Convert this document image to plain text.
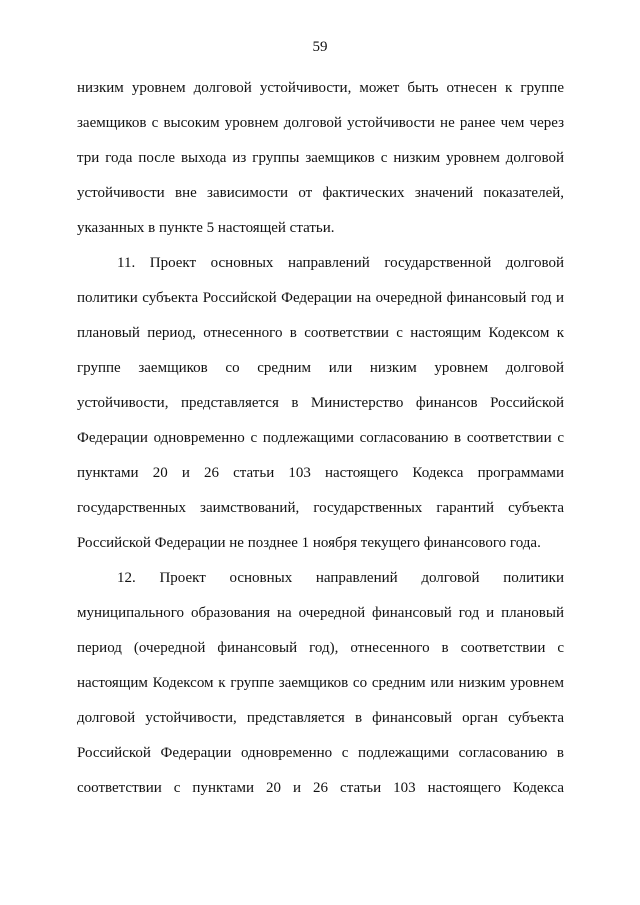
59
низким уровнем долговой устойчивости, может быть отнесен к группе
заемщиков с высоким уровнем долговой устойчивости не ранее чем через
три года после выхода из группы заемщиков с низким уровнем долговой
устойчивости вне зависимости от фактических значений показателей,
указанных в пункте 5 настоящей статьи.
11. Проект основных направлений государственной долговой
политики субъекта Российской Федерации на очередной финансовый год и
плановый период, отнесенного в соответствии с настоящим Кодексом к
группе заемщиков со средним или низким уровнем долговой
устойчивости, представляется в Министерство финансов Российской
Федерации одновременно с подлежащими согласованию в соответствии с
пунктами 20 и 26 статьи 103 настоящего Кодекса программами
государственных заимствований, государственных гарантий субъекта
Российской Федерации не позднее 1 ноября текущего финансового года.
12. Проект основных направлений долговой политики
муниципального образования на очередной финансовый год и плановый
период (очередной финансовый год), отнесенного в соответствии с
настоящим Кодексом к группе заемщиков со средним или низким уровнем
долговой устойчивости, представляется в финансовый орган субъекта
Российской Федерации одновременно с подлежащими согласованию в
соответствии с пунктами 20 и 26 статьи 103 настоящего Кодекса
